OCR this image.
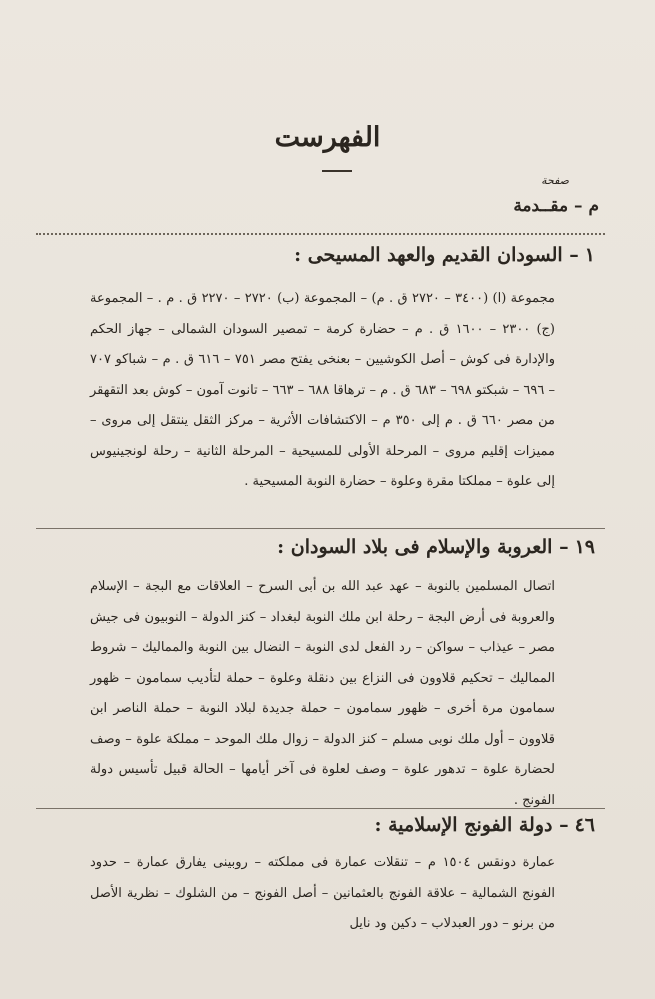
الفهرست
صفحة
م – مقــدمة
١– السودان القديم والعهد المسيحى :
مجموعة (ا) (٣٤٠٠ – ٢٧٢٠ ق . م) – المجموعة (ب) ٢٧٢٠ – ٢٢٧٠ ق . م . – المجموعة (ج) ٢٣٠٠ – ١٦٠٠ ق . م – حضارة كرمة – تمصير السودان الشمالى – جهاز الحكم والإدارة فى كوش – أصل الكوشيين – بعنخى يفتح مصر ٧٥١ – ٦١٦ ق . م – شباكو ٧٠٧ – ٦٩٦ – شبكتو ٦٩٨ – ٦٨٣ ق . م – ترهاقا ٦٨٨ – ٦٦٣ – تانوت آمون – كوش بعد التقهقر من مصر ٦٦٠ ق . م إلى ٣٥٠ م – الاكتشافات الأثرية – مركز الثقل ينتقل إلى مروى – مميزات إقليم مروى – المرحلة الأولى للمسيحية – المرحلة الثانية – رحلة لونجينيوس إلى علوة – مملكتا مقرة وعلوة – حضارة النوبة المسيحية .
١٩– العروبة والإسلام فى بلاد السودان :
اتصال المسلمين بالنوبة – عهد عبد الله بن أبى السرح – العلاقات مع البجة – الإسلام والعروبة فى أرض البجة – رحلة ابن ملك النوبة لبغداد – كنز الدولة – النوبيون فى جيش مصر – عيذاب – سواكن – رد الفعل لدى النوبة – النضال بين النوبة والمماليك – شروط المماليك – تحكيم قلاوون فى النزاع بين دنقلة وعلوة – حملة لتأديب سمامون – ظهور سمامون مرة أخرى – ظهور سمامون – حملة جديدة لبلاد النوبة – حملة الناصر ابن قلاوون – أول ملك نوبى مسلم – كنز الدولة – زوال ملك الموحد – مملكة علوة – وصف لحضارة علوة – تدهور علوة – وصف لعلوة فى آخر أيامها – الحالة قبيل تأسيس دولة الفونج .
٤٦– دولة الفونج الإسلامية :
عمارة دونقس ١٥٠٤ م – تنقلات عمارة فى مملكته – روبينى يفارق عمارة – حدود الفونج الشمالية – علاقة الفونج بالعثمانين – أصل الفونج – من الشلوك – نظرية الأصل من برنو – دور العبدلاب – دكين ود نايل
